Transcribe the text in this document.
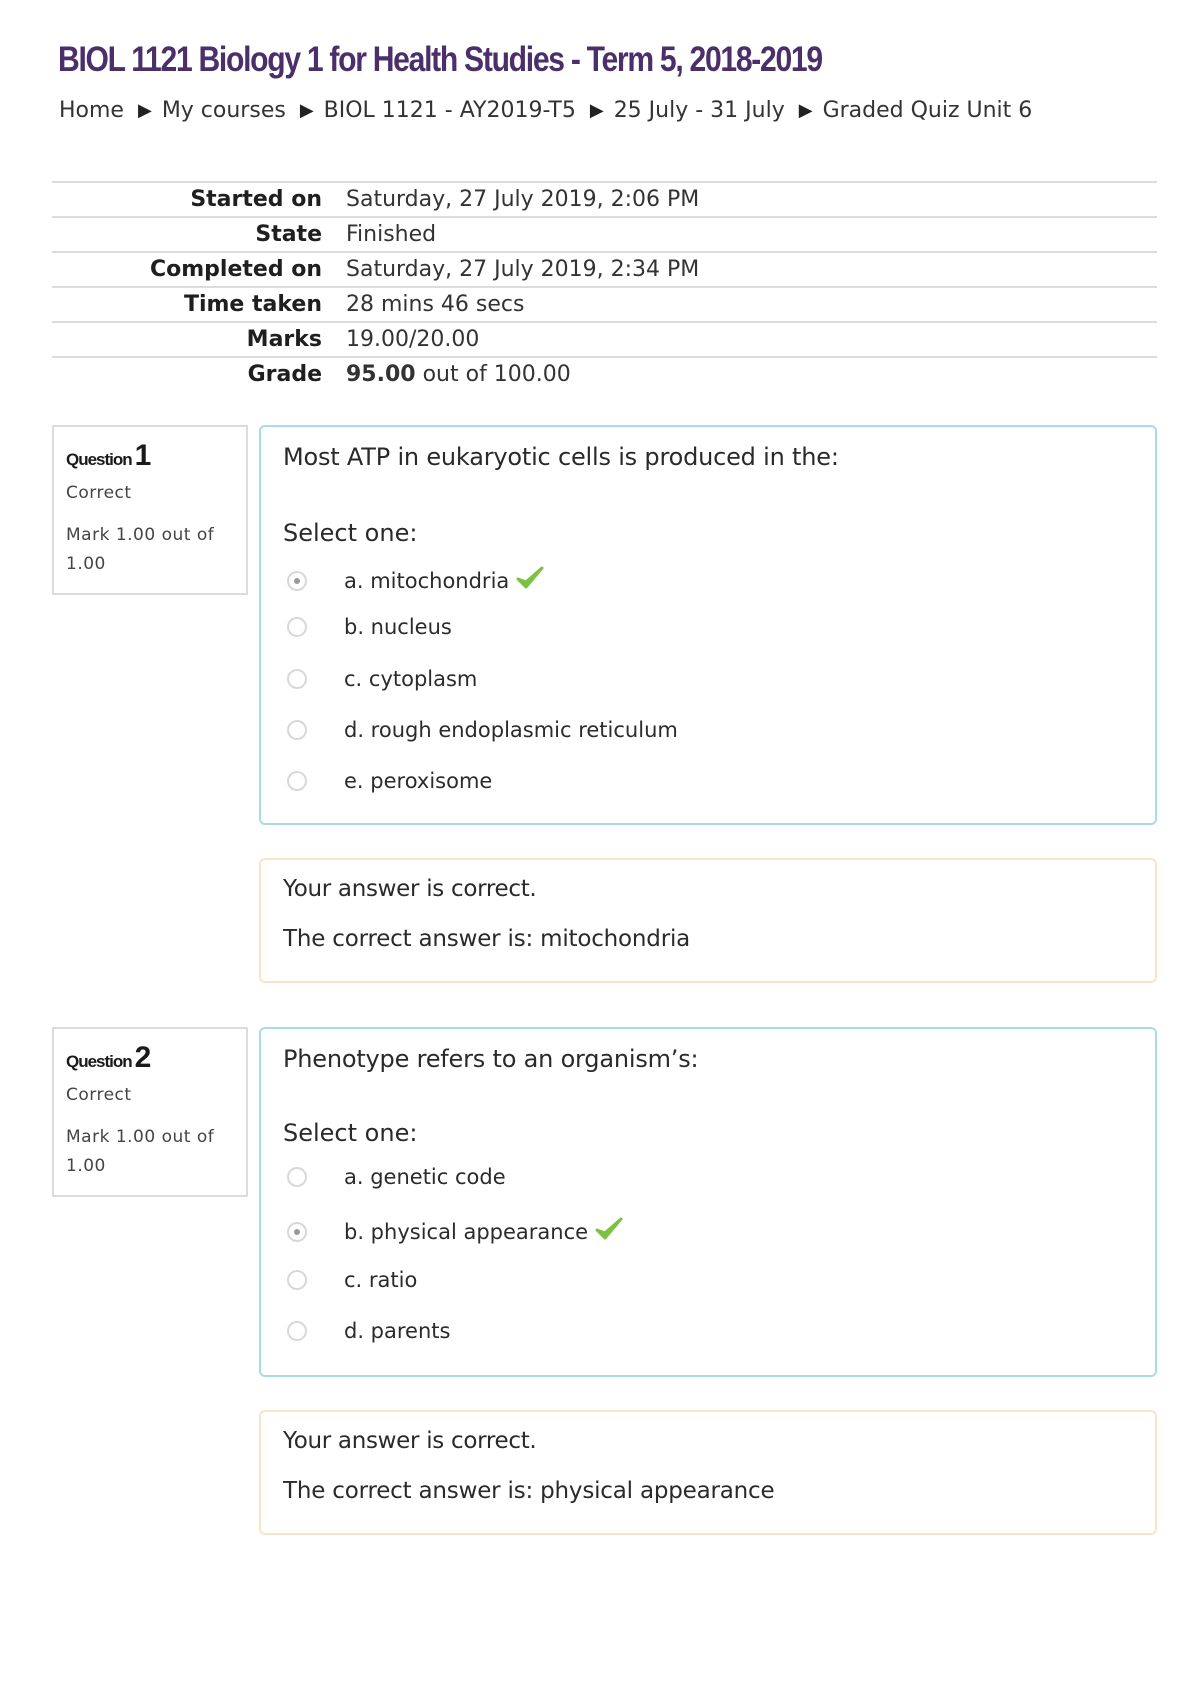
BIOL 1121 Biology 1 for Health Studies - Term 5, 2018-2019
Home ▶ My courses ▶ BIOL 1121 - AY2019-T5 ▶ 25 July - 31 July ▶ Graded Quiz Unit 6
Started on	Saturday, 27 July 2019, 2:06 PM
State	Finished
Completed on	Saturday, 27 July 2019, 2:34 PM
Time taken	28 mins 46 secs
Marks	19.00/20.00
Grade	95.00 out of 100.00
Question 1
Correct
Mark 1.00 out of 1.00
Most ATP in eukaryotic cells is produced in the:
Select one:
a. mitochondria
b. nucleus
c. cytoplasm
d. rough endoplasmic reticulum
e. peroxisome
Your answer is correct.
The correct answer is: mitochondria
Question 2
Correct
Mark 1.00 out of 1.00
Phenotype refers to an organism’s:
Select one:
a. genetic code
b. physical appearance
c. ratio
d. parents
Your answer is correct.
The correct answer is: physical appearance
